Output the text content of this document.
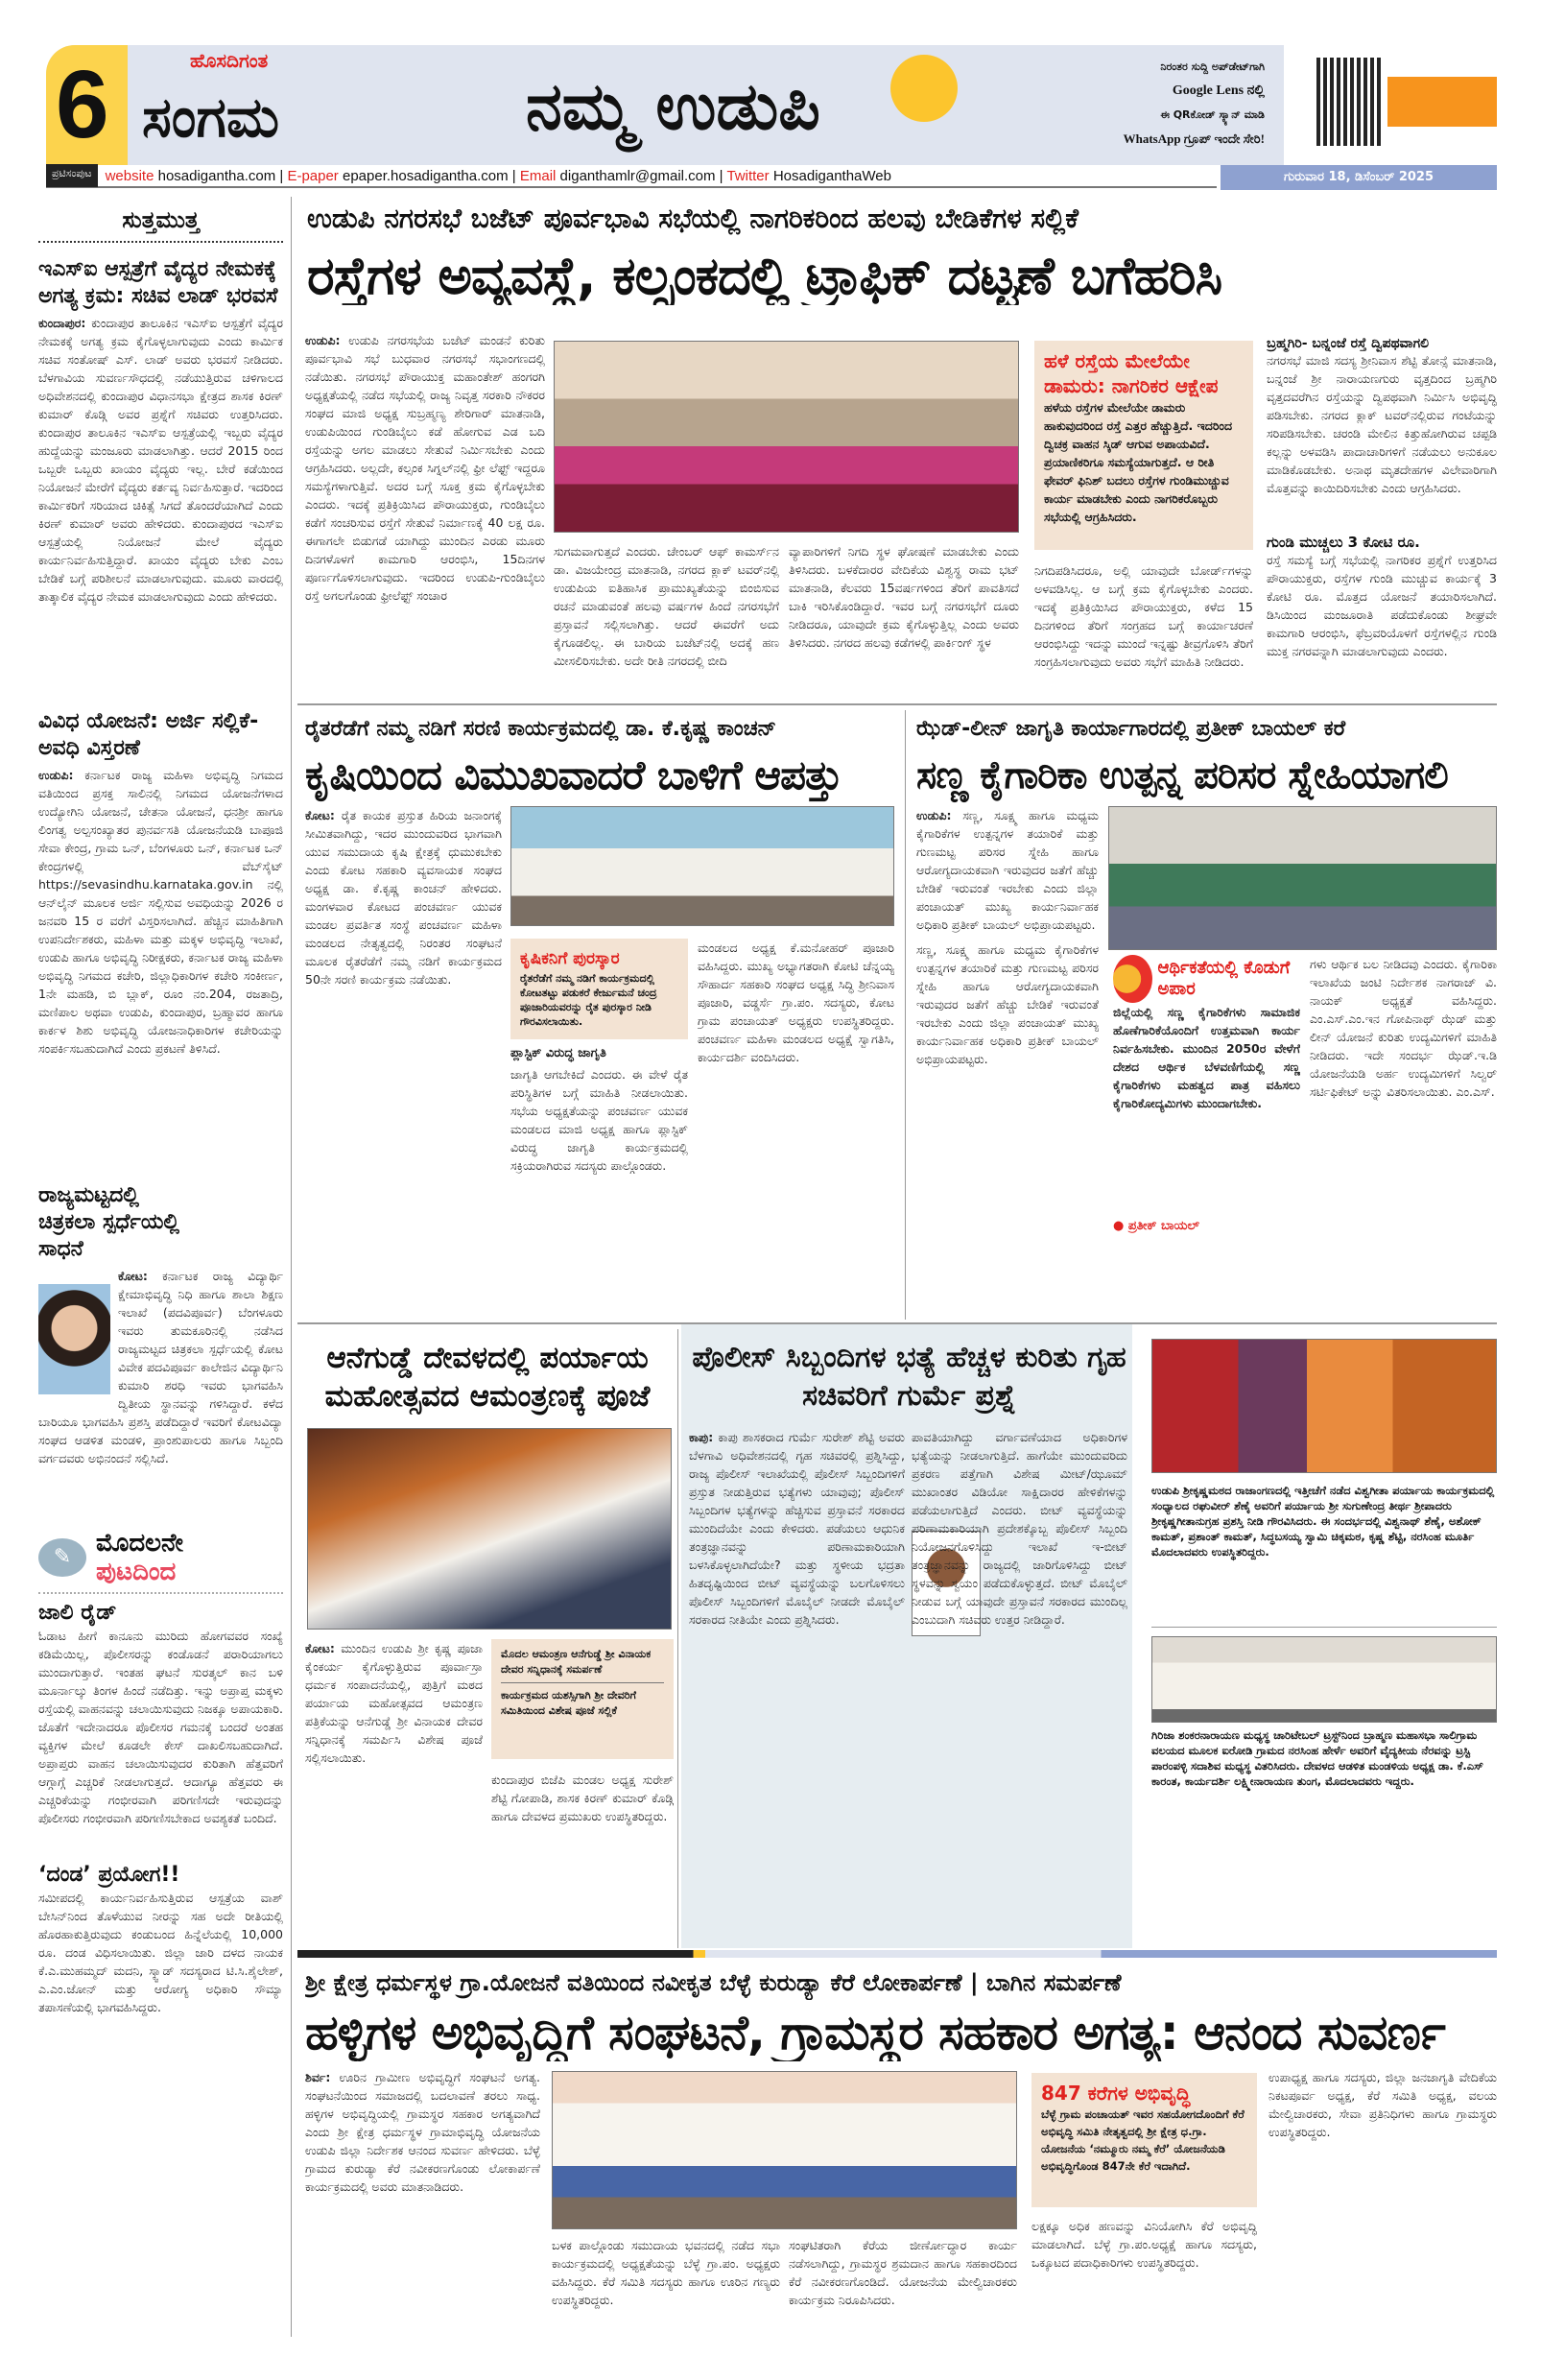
6	ಹೊಸದಿಗಂತ
ಸಂಗಮ	ನಮ್ಮ ಉಡುಪಿ
ನಿರಂತರ ಸುದ್ದಿ ಅಪ್‌ಡೇಟ್‌ಗಾಗಿ
Google Lens ನಲ್ಲಿ
ಈ QRಕೋಡ್ ಸ್ಕ್ಯಾನ್ ಮಾಡಿ
WhatsApp ಗ್ರೂಪ್ ಇಂದೇ ಸೇರಿ!
ಪ್ರಟಿಸಂಪುಟ website hosadigantha.com | E-paper epaper.hosadigantha.com | Email diganthamlr@gmail.com | Twitter HosadiganthaWeb	ಗುರುವಾರ 18, ಡಿಸೆಂಬರ್ 2025
ಸುತ್ತಮುತ್ತ
ಇಎಸ್‌ಐ ಆಸ್ಪತ್ರೆಗೆ ವೈದ್ಯರ ನೇಮಕಕ್ಕೆ ಅಗತ್ಯ ಕ್ರಮ: ಸಚಿವ ಲಾಡ್ ಭರವಸೆ
ಕುಂದಾಪುರ: ಕುಂದಾಪುರ ತಾಲೂಕಿನ ಇಎಸ್‌ಐ ಆಸ್ಪತ್ರೆಗೆ ವೈದ್ಯರ ನೇಮಕಕ್ಕೆ ಅಗತ್ಯ ಕ್ರಮ ಕೈಗೊಳ್ಳಲಾಗುವುದು ಎಂದು ಕಾರ್ಮಿಕ ಸಚಿವ ಸಂತೋಷ್ ಎಸ್. ಲಾಡ್ ಅವರು ಭರವಸೆ ನೀಡಿದರು. ಬೆಳಗಾವಿಯ ಸುವರ್ಣಸೌಧದಲ್ಲಿ ನಡೆಯುತ್ತಿರುವ ಚಳಿಗಾಲದ ಅಧಿವೇಶನದಲ್ಲಿ ಕುಂದಾಪುರ ವಿಧಾನಸಭಾ ಕ್ಷೇತ್ರದ ಶಾಸಕ ಕಿರಣ್ ಕುಮಾರ್ ಕೊಡ್ಗಿ ಅವರ ಪ್ರಶ್ನೆಗೆ ಸಚಿವರು ಉತ್ತರಿಸಿದರು. ಕುಂದಾಪುರ ತಾಲೂಕಿನ ಇಎಸ್‌ಐ ಆಸ್ಪತ್ರೆಯಲ್ಲಿ ಇಬ್ಬರು ವೈದ್ಯರ ಹುದ್ದೆಯನ್ನು ಮಂಜೂರು ಮಾಡಲಾಗಿತ್ತು. ಆದರೆ 2015 ರಿಂದ ಒಬ್ಬರೇ ಒಬ್ಬರು ಖಾಯಂ ವೈದ್ಯರು ಇಲ್ಲ. ಬೇರೆ ಕಡೆಯಿಂದ ನಿಯೋಜನೆ ಮೇರೆಗೆ ವೈದ್ಯರು ಕರ್ತವ್ಯ ನಿರ್ವಹಿಸುತ್ತಾರೆ. ಇದರಿಂದ ಕಾರ್ಮಿಕರಿಗೆ ಸರಿಯಾದ ಚಿಕಿತ್ಸೆ ಸಿಗದೆ ತೊಂದರೆಯಾಗಿದೆ ಎಂದು ಕಿರಣ್ ಕುಮಾರ್ ಅವರು ಹೇಳಿದರು. ಕುಂದಾಪುರದ ಇಎಸ್‌ಐ ಆಸ್ಪತ್ರೆಯಲ್ಲಿ ನಿಯೋಜನೆ ಮೇಲೆ ವೈದ್ಯರು ಕಾರ್ಯನಿರ್ವಹಿಸುತ್ತಿದ್ದಾರೆ. ಖಾಯಂ ವೈದ್ಯರು ಬೇಕು ಎಂಬ ಬೇಡಿಕೆ ಬಗ್ಗೆ ಪರಿಶೀಲನೆ ಮಾಡಲಾಗುವುದು. ಮೂರು ವಾರದಲ್ಲಿ ತಾತ್ಕಾಲಿಕ ವೈದ್ಯರ ನೇಮಕ ಮಾಡಲಾಗುವುದು ಎಂದು ಹೇಳಿದರು.
ವಿವಿಧ ಯೋಜನೆ: ಅರ್ಜಿ ಸಲ್ಲಿಕೆ-ಅವಧಿ ವಿಸ್ತರಣೆ
ಉಡುಪಿ: ಕರ್ನಾಟಕ ರಾಜ್ಯ ಮಹಿಳಾ ಅಭಿವೃದ್ಧಿ ನಿಗಮದ ವತಿಯಿಂದ ಪ್ರಸಕ್ತ ಸಾಲಿನಲ್ಲಿ ನಿಗಮದ ಯೋಜನೆಗಳಾದ ಉದ್ಯೋಗಿನಿ ಯೋಜನೆ, ಚೇತನಾ ಯೋಜನೆ, ಧನಶ್ರೀ ಹಾಗೂ ಲಿಂಗತ್ವ ಅಲ್ಪಸಂಖ್ಯಾತರ ಪುನರ್ವಸತಿ ಯೋಜನೆಯಡಿ ಬಾಪೂಜಿ ಸೇವಾ ಕೇಂದ್ರ, ಗ್ರಾಮ ಒನ್, ಬೆಂಗಳೂರು ಒನ್, ಕರ್ನಾಟಕ ಒನ್ ಕೇಂದ್ರಗಳಲ್ಲಿ ವೆಬ್‌ಸೈಟ್ https://sevasindhu.karnataka.gov.in ನಲ್ಲಿ ಆನ್‌ಲೈನ್ ಮೂಲಕ ಅರ್ಜಿ ಸಲ್ಲಿಸುವ ಅವಧಿಯನ್ನು 2026 ರ ಜನವರಿ 15 ರ ವರೆಗೆ ವಿಸ್ತರಿಸಲಾಗಿದೆ. ಹೆಚ್ಚಿನ ಮಾಹಿತಿಗಾಗಿ ಉಪನಿರ್ದೇಶಕರು, ಮಹಿಳಾ ಮತ್ತು ಮಕ್ಕಳ ಅಭಿವೃದ್ಧಿ ಇಲಾಖೆ, ಉಡುಪಿ ಹಾಗೂ ಅಭಿವೃದ್ಧಿ ನಿರೀಕ್ಷಕರು, ಕರ್ನಾಟಕ ರಾಜ್ಯ ಮಹಿಳಾ ಅಭಿವೃದ್ಧಿ ನಿಗಮದ ಕಚೇರಿ, ಜಿಲ್ಲಾಧಿಕಾರಿಗಳ ಕಚೇರಿ ಸಂಕೀರ್ಣ, 1ನೇ ಮಹಡಿ, ಬಿ ಬ್ಲಾಕ್, ರೂಂ ನಂ.204, ರಜತಾದ್ರಿ, ಮಣಿಪಾಲ ಅಥವಾ ಉಡುಪಿ, ಕುಂದಾಪುರ, ಬ್ರಹ್ಮಾವರ ಹಾಗೂ ಕಾರ್ಕಳ ಶಿಶು ಅಭಿವೃದ್ಧಿ ಯೋಜನಾಧಿಕಾರಿಗಳ ಕಚೇರಿಯನ್ನು ಸಂಪರ್ಕಿಸಬಹುದಾಗಿದೆ ಎಂದು ಪ್ರಕಟಣೆ ತಿಳಿಸಿದೆ.
ರಾಜ್ಯಮಟ್ಟದಲ್ಲಿ ಚಿತ್ರಕಲಾ ಸ್ಪರ್ಧೆಯಲ್ಲಿ ಸಾಧನೆ
ಕೋಟ: ಕರ್ನಾಟಕ ರಾಜ್ಯ ವಿದ್ಯಾರ್ಥಿ ಕ್ಷೇಮಾಭಿವೃದ್ಧಿ ನಿಧಿ ಹಾಗೂ ಶಾಲಾ ಶಿಕ್ಷಣ ಇಲಾಖೆ (ಪದವಿಪೂರ್ವ) ಬೆಂಗಳೂರು ಇವರು ತುಮಕೂರಿನಲ್ಲಿ ನಡೆಸಿದ ರಾಜ್ಯಮಟ್ಟದ ಚಿತ್ರಕಲಾ ಸ್ಪರ್ಧೆಯಲ್ಲಿ ಕೋಟ ವಿವೇಕ ಪದವಿಪೂರ್ವ ಕಾಲೇಜಿನ ವಿದ್ಯಾರ್ಥಿನಿ ಕುಮಾರಿ ಶರಧಿ ಇವರು ಭಾಗವಹಿಸಿ ದ್ವಿತೀಯ ಸ್ಥಾನವನ್ನು ಗಳಿಸಿದ್ದಾರೆ. ಕಳೆದ ಬಾರಿಯೂ ಭಾಗವಹಿಸಿ ಪ್ರಶಸ್ತಿ ಪಡೆದಿದ್ದಾರೆ ಇವರಿಗೆ ಕೋಟವಿದ್ಯಾ ಸಂಘದ ಆಡಳಿತ ಮಂಡಳಿ, ಪ್ರಾಂಶುಪಾಲರು ಹಾಗೂ ಸಿಬ್ಬಂದಿ ವರ್ಗದವರು ಅಭಿನಂದನೆ ಸಲ್ಲಿಸಿದೆ.
✎ ಮೊದಲನೇ
ಪುಟದಿಂದ
ಜಾಲಿ ರೈಡ್
ಓಡಾಟ ಹೀಗೆ ಕಾನೂನು ಮುರಿದು ಹೋಗವವರ ಸಂಖ್ಯೆ ಕಡಿಮೆಯಿಲ್ಲ, ಪೊಲೀಸರನ್ನು ಕಂಡೊಡನೆ ಪರಾರಿಯಾಗಲು ಮುಂದಾಗುತ್ತಾರೆ. ಇಂತಹ ಘಟನೆ ಸುರತ್ಕಲ್ ಕಾನ ಬಳಿ ಮೂರ್ನಾಲ್ಕು ತಿಂಗಳ ಹಿಂದೆ ನಡೆದಿತ್ತು. ಇನ್ನು ಅಪ್ರಾಪ್ತ ಮಕ್ಕಳು ರಸ್ತೆಯಲ್ಲಿ ವಾಹನವನ್ನು ಚಲಾಯಿಸುವುದು ನಿಜಕ್ಕೂ ಅಪಾಯಕಾರಿ. ಜೊತೆಗೆ ಇದೇನಾದರೂ ಪೊಲೀಸರ ಗಮನಕ್ಕೆ ಬಂದರೆ ಅಂತಹ ವ್ಯಕ್ತಿಗಳ ಮೇಲೆ ಕೂಡಲೇ ಕೇಸ್ ದಾಖಲಿಸಬಹುದಾಗಿದೆ. ಅಪ್ರಾಪ್ತರು ವಾಹನ ಚಲಾಯಿಸುವುದರ ಕುರಿತಾಗಿ ಹೆತ್ತವರಿಗೆ ಆಗ್ಗಾಗ್ಗೆ ಎಚ್ಚರಿಕೆ ನೀಡಲಾಗುತ್ತದೆ. ಆದಾಗ್ಯೂ ಹೆತ್ತವರು ಈ ಎಚ್ಚರಿಕೆಯನ್ನು ಗಂಭೀರವಾಗಿ ಪರಿಗಣಿಸದೇ ಇರುವುದನ್ನು ಪೊಲೀಸರು ಗಂಭೀರವಾಗಿ ಪರಿಗಣಿಸಬೇಕಾದ ಅವಶ್ಯಕತೆ ಬಂದಿದೆ.
‘ದಂಡ’ ಪ್ರಯೋಗ!!
ಸಮೀಪದಲ್ಲಿ ಕಾರ್ಯನಿರ್ವಹಿಸುತ್ತಿರುವ ಆಸ್ಪತ್ರೆಯ ವಾಶ್ ಬೇಸಿನ್‌ನಿಂದ ತೊಳೆಯುವ ನೀರನ್ನು ಸಹ ಅದೇ ರೀತಿಯಲ್ಲಿ ಹೊರಹಾಕುತ್ತಿರುವುದು ಕಂಡುಬಂದ ಹಿನ್ನೆಲೆಯಲ್ಲಿ 10,000 ರೂ. ದಂಡ ವಿಧಿಸಲಾಯಿತು. ಜಿಲ್ಲಾ ಜಾರಿ ದಳದ ನಾಯಕ ಕೆ.ಎ.ಮುಹಮ್ಮದ್ ಮದನಿ, ಸ್ಕ್ವಾಡ್ ಸದಸ್ಯರಾದ ಟಿ.ಸಿ.ಶೈಲೇಶ್, ಎ.ಎಂ.ಜೋನ್ ಮತ್ತು ಆರೋಗ್ಯ ಅಧಿಕಾರಿ ಸೌಮ್ಯಾ ತಪಾಸಣೆಯಲ್ಲಿ ಭಾಗವಹಿಸಿದ್ದರು.
ಉಡುಪಿ ನಗರಸಭೆ ಬಜೆಟ್ ಪೂರ್ವಭಾವಿ ಸಭೆಯಲ್ಲಿ ನಾಗರಿಕರಿಂದ ಹಲವು ಬೇಡಿಕೆಗಳ ಸಲ್ಲಿಕೆ
ರಸ್ತೆಗಳ ಅವ್ಯವಸ್ಥೆ, ಕಲ್ಸಂಕದಲ್ಲಿ ಟ್ರಾಫಿಕ್ ದಟ್ಟಣೆ ಬಗೆಹರಿಸಿ
ಉಡುಪಿ: ಉಡುಪಿ ನಗರಸಭೆಯ ಬಜೆಟ್ ಮಂಡನೆ ಕುರಿತು ಪೂರ್ವಭಾವಿ ಸಭೆ ಬುಧವಾರ ನಗರಸಭೆ ಸಭಾಂಗಣದಲ್ಲಿ ನಡೆಯಿತು. ನಗರಸಭೆ ಪೌರಾಯುಕ್ತ ಮಹಾಂತೇಶ್ ಹಂಗರಗಿ ಅಧ್ಯಕ್ಷತೆಯಲ್ಲಿ ನಡೆದ ಸಭೆಯಲ್ಲಿ ರಾಜ್ಯ ನಿವೃತ್ತ ಸರಕಾರಿ ನೌಕರರ ಸಂಘದ ಮಾಜಿ ಅಧ್ಯಕ್ಷ ಸುಬ್ರಹ್ಮಣ್ಯ ಶೇರಿಗಾರ್ ಮಾತನಾಡಿ, ಉಡುಪಿಯಿಂದ ಗುಂಡಿಬೈಲು ಕಡೆ ಹೋಗುವ ಎಡ ಬದಿ ರಸ್ತೆಯನ್ನು ಅಗಲ ಮಾಡಲು ಸೇತುವೆ ನಿರ್ಮಿಸಬೇಕು ಎಂದು ಆಗ್ರಹಿಸಿದರು. ಅಲ್ಲದೇ, ಕಲ್ಸಂಕ ಸಿಗ್ನಲ್‌ನಲ್ಲಿ ಫ್ರೀ ಲೆಫ್ಟ್ ಇದ್ದರೂ ಸಮಸ್ಯೆಗಳಾಗುತ್ತಿವೆ. ಅದರ ಬಗ್ಗೆ ಸೂಕ್ತ ಕ್ರಮ ಕೈಗೊಳ್ಳಬೇಕು ಎಂದರು. ಇದಕ್ಕೆ ಪ್ರತಿಕ್ರಿಯಿಸಿದ ಪೌರಾಯುಕ್ತರು, ಗುಂಡಿಬೈಲು ಕಡೆಗೆ ಸಂಚರಿಸುವ ರಸ್ತೆಗೆ ಸೇತುವೆ ನಿರ್ಮಾಣಕ್ಕೆ 40 ಲಕ್ಷ ರೂ. ಈಗಾಗಲೇ ಬಿಡುಗಡೆ ಯಾಗಿದ್ದು ಮುಂದಿನ ಎರಡು ಮೂರು ದಿನಗಳೊಳಗೆ ಕಾಮಗಾರಿ ಆರಂಭಿಸಿ, 15ದಿನಗಳ ಪೂರ್ಣಗೊಳಿಸಲಾಗುವುದು. ಇದರಿಂದ ಉಡುಪಿ-ಗುಂಡಿಬೈಲು ರಸ್ತೆ ಅಗಲಗೊಂಡು ಫ್ರೀಲೆಫ್ಟ್ ಸಂಚಾರ
ಸುಗಮವಾಗುತ್ತದೆ ಎಂದರು. ಚೇಂಬರ್ ಆಫ್ ಕಾಮರ್ಸ್‌ನ ಡಾ. ವಿಜಯೇಂದ್ರ ಮಾತನಾಡಿ, ನಗರದ ಕ್ಲಾಕ್ ಟವರ್‌ನಲ್ಲಿ ಉಡುಪಿಯ ಐತಿಹಾಸಿಕ ಪ್ರಾಮುಖ್ಯತೆಯನ್ನು ಬಿಂಬಿಸುವ ರಚನೆ ಮಾಡುವಂತೆ ಹಲವು ವರ್ಷಗಳ ಹಿಂದೆ ನಗರಸಭೆಗೆ ಪ್ರಸ್ತಾವನೆ ಸಲ್ಲಿಸಲಾಗಿತ್ತು. ಆದರೆ ಈವರೆಗೆ ಅದು ಕೈಗೂಡಲಿಲ್ಲ. ಈ ಬಾರಿಯ ಬಜೆಟ್‌ನಲ್ಲಿ ಅದಕ್ಕೆ ಹಣ ಮೀಸಲಿರಿಸಬೇಕು. ಅದೇ ರೀತಿ ನಗರದಲ್ಲಿ ಬೀದಿ
ವ್ಯಾಪಾರಿಗಳಿಗೆ ನಿಗದಿ ಸ್ಥಳ ಘೋಷಣೆ ಮಾಡಬೇಕು ಎಂದು ತಿಳಿಸಿದರು. ಬಳಕೆದಾರರ ವೇದಿಕೆಯ ವಿಶ್ವಸ್ಥ ರಾಮ ಭಟ್ ಮಾತನಾಡಿ, ಕೆಲವರು 15ವರ್ಷಗಳಿಂದ ತೆರಿಗೆ ಪಾವತಿಸದೆ ಬಾಕಿ ಇರಿಸಿಕೊಂಡಿದ್ದಾರೆ. ಇವರ ಬಗ್ಗೆ ನಗರಸಭೆಗೆ ದೂರು ನೀಡಿದರೂ, ಯಾವುದೇ ಕ್ರಮ ಕೈಗೊಳ್ಳುತ್ತಿಲ್ಲ ಎಂದು ಅವರು ತಿಳಿಸಿದರು. ನಗರದ ಹಲವು ಕಡೆಗಳಲ್ಲಿ ಪಾರ್ಕಿಂಗ್ ಸ್ಥಳ
ಹಳೆ ರಸ್ತೆಯ ಮೇಲೆಯೇ ಡಾಮರು: ನಾಗರಿಕರ ಆಕ್ಷೇಪ
ಹಳೆಯ ರಸ್ತೆಗಳ ಮೇಲೆಯೇ ಡಾಮರು ಹಾಕುವುದರಿಂದ ರಸ್ತೆ ಎತ್ತರ ಹೆಚ್ಚುತ್ತಿದೆ. ಇದರಿಂದ ದ್ವಿಚಕ್ರ ವಾಹನ ಸ್ಕಿಡ್ ಆಗುವ ಅಪಾಯವಿದೆ. ಪ್ರಯಾಣಿಕರಿಗೂ ಸಮಸ್ಯೆಯಾಗುತ್ತದೆ. ಆ ರೀತಿ ಫೇವರ್ ಫಿನಿಶ್ ಬದಲು ರಸ್ತೆಗಳ ಗುಂಡಿಮುಚ್ಚುವ ಕಾರ್ಯ ಮಾಡಬೇಕು ಎಂದು ನಾಗರಿಕರೊಬ್ಬರು ಸಭೆಯಲ್ಲಿ ಆಗ್ರಹಿಸಿದರು.
ನಿಗದಿಪಡಿಸಿದರೂ, ಅಲ್ಲಿ ಯಾವುದೇ ಬೋರ್ಡ್‌ಗಳನ್ನು ಅಳವಡಿಸಿಲ್ಲ. ಆ ಬಗ್ಗೆ ಕ್ರಮ ಕೈಗೊಳ್ಳಬೇಕು ಎಂದರು. ಇದಕ್ಕೆ ಪ್ರತಿಕ್ರಿಯಿಸಿದ ಪೌರಾಯುಕ್ತರು, ಕಳೆದ 15 ದಿನಗಳಿಂದ ತೆರಿಗೆ ಸಂಗ್ರಹದ ಬಗ್ಗೆ ಕಾರ್ಯಾಚರಣೆ ಆರಂಭಿಸಿದ್ದು ಇದನ್ನು ಮುಂದೆ ಇನ್ನಷ್ಟು ತೀವ್ರಗೊಳಿಸಿ ತೆರಿಗೆ ಸಂಗ್ರಹಿಸಲಾಗುವುದು ಅವರು ಸಭೆಗೆ ಮಾಹಿತಿ ನೀಡಿದರು.
ಬ್ರಹ್ಮಗಿರಿ- ಬನ್ನಂಜೆ ರಸ್ತೆ ದ್ವಿಪಥವಾಗಲಿ
ನಗರಸಭೆ ಮಾಜಿ ಸದಸ್ಯ ಶ್ರೀನಿವಾಸ ಶೆಟ್ಟಿ ತೋನ್ಸೆ ಮಾತನಾಡಿ, ಬನ್ನಂಜೆ ಶ್ರೀ ನಾರಾಯಣಗುರು ವೃತ್ತದಿಂದ ಬ್ರಹ್ಮಗಿರಿ ವೃತ್ತದವರೆಗಿನ ರಸ್ತೆಯನ್ನು ದ್ವಿಪಥವಾಗಿ ನಿರ್ಮಿಸಿ ಅಭಿವೃದ್ಧಿ ಪಡಿಸಬೇಕು. ನಗರದ ಕ್ಲಾಕ್ ಟವರ್‌ನಲ್ಲಿರುವ ಗಂಟೆಯನ್ನು ಸರಿಪಡಿಸಬೇಕು. ಚರಂಡಿ ಮೇಲಿನ ಕಿತ್ತುಹೋಗಿರುವ ಚಪ್ಪಡಿ ಕಲ್ಲನ್ನು ಅಳವಡಿಸಿ ಪಾದಾಚಾರಿಗಳಿಗೆ ನಡೆಯಲು ಅನುಕೂಲ ಮಾಡಿಕೊಡಬೇಕು. ಅನಾಥ ಮೃತದೇಹಗಳ ವಿಲೇವಾರಿಗಾಗಿ ಮೊತ್ತವನ್ನು ಕಾಯಿದಿರಿಸಬೇಕು ಎಂದು ಆಗ್ರಹಿಸಿದರು.
ಗುಂಡಿ ಮುಚ್ಚಲು 3 ಕೋಟಿ ರೂ.
ರಸ್ತೆ ಸಮಸ್ಯೆ ಬಗ್ಗೆ ಸಭೆಯಲ್ಲಿ ನಾಗರಿಕರ ಪ್ರಶ್ನೆಗೆ ಉತ್ತರಿಸಿದ ಪೌರಾಯುಕ್ತರು, ರಸ್ತೆಗಳ ಗುಂಡಿ ಮುಚ್ಚುವ ಕಾರ್ಯಕ್ಕೆ 3 ಕೋಟಿ ರೂ. ಮೊತ್ತದ ಯೋಜನೆ ತಯಾರಿಸಲಾಗಿದೆ. ಡಿಸಿಯಿಂದ ಮಂಜೂರಾತಿ ಪಡೆದುಕೊಂಡು ಶೀಘ್ರವೇ ಕಾಮಗಾರಿ ಆರಂಭಿಸಿ, ಫೆಬ್ರವರಿಯೊಳಗೆ ರಸ್ತೆಗಳಲ್ಲಿನ ಗುಂಡಿ ಮುಕ್ತ ನಗರವನ್ನಾಗಿ ಮಾಡಲಾಗುವುದು ಎಂದರು.
ರೈತರೆಡೆಗೆ ನಮ್ಮ ನಡಿಗೆ ಸರಣಿ ಕಾರ್ಯಕ್ರಮದಲ್ಲಿ ಡಾ. ಕೆ.ಕೃಷ್ಣ ಕಾಂಚನ್
ಕೃಷಿಯಿಂದ ವಿಮುಖವಾದರೆ ಬಾಳಿಗೆ ಆಪತ್ತು
ಕೋಟ: ರೈತ ಕಾಯಕ ಪ್ರಸ್ತುತ ಹಿರಿಯ ಜನಾಂಗಕ್ಕೆ ಸೀಮಿತವಾಗಿದ್ದು, ಇದರ ಮುಂದುವರಿದ ಭಾಗವಾಗಿ ಯುವ ಸಮುದಾಯ ಕೃಷಿ ಕ್ಷೇತ್ರಕ್ಕೆ ಧುಮುಕಬೇಕು ಎಂದು ಕೋಟ ಸಹಕಾರಿ ವ್ಯವಸಾಯಕ ಸಂಘದ ಅಧ್ಯಕ್ಷ ಡಾ. ಕೆ.ಕೃಷ್ಣ ಕಾಂಚನ್ ಹೇಳಿದರು. ಮಂಗಳವಾರ ಕೋಟದ ಪಂಚವರ್ಣ ಯುವಕ ಮಂಡಲ ಪ್ರವರ್ತಿತ ಸಂಸ್ಥೆ ಪಂಚವರ್ಣ ಮಹಿಳಾ ಮಂಡಲದ ನೇತೃತ್ವದಲ್ಲಿ ನಿರಂತರ ಸಂಘಟನೆ ಮೂಲಕ ರೈತರೆಡೆಗೆ ನಮ್ಮ ನಡಿಗೆ ಕಾರ್ಯಕ್ರಮದ 50ನೇ ಸರಣಿ ಕಾರ್ಯಕ್ರಮ ನಡೆಯಿತು.
ಕೃಷಿಕನಿಗೆ ಪುರಸ್ಕಾರ
ರೈತರೆಡೆಗೆ ನಮ್ಮ ನಡಿಗೆ ಕಾರ್ಯಕ್ರಮದಲ್ಲಿ ಕೋಟತಟ್ಟು ಪಡುಕರೆ ಕೇರ್ಜುಮನೆ ಚಂದ್ರ ಪೂಜಾರಿಯವರನ್ನು ರೈತ ಪುರಸ್ಕಾರ ನೀಡಿ ಗೌರವಿಸಲಾಯಿತು.
ಪ್ಲಾಸ್ಟಿಕ್ ವಿರುದ್ಧ ಜಾಗೃತಿ
ಜಾಗೃತಿ ಆಗಬೇಕಿದೆ ಎಂದರು. ಈ ವೇಳೆ ರೈತ ಪರಿಸ್ಥಿತಿಗಳ ಬಗ್ಗೆ ಮಾಹಿತಿ ನೀಡಲಾಯಿತು. ಸಭೆಯ ಅಧ್ಯಕ್ಷತೆಯನ್ನು ಪಂಚವರ್ಣ ಯುವಕ ಮಂಡಲದ ಮಾಜಿ ಅಧ್ಯಕ್ಷ ಹಾಗೂ ಪ್ಲಾಸ್ಟಿಕ್ ವಿರುದ್ಧ ಜಾಗೃತಿ ಕಾರ್ಯಕ್ರಮದಲ್ಲಿ ಸಕ್ರಿಯರಾಗಿರುವ ಸದಸ್ಯರು ಪಾಲ್ಗೊಂಡರು.
ಮಂಡಲದ ಅಧ್ಯಕ್ಷ ಕೆ.ಮನೋಹರ್ ಪೂಜಾರಿ ವಹಿಸಿದ್ದರು. ಮುಖ್ಯ ಅಭ್ಯಾಗತರಾಗಿ ಕೋಟಿ ಚೆನ್ನಯ್ಯ ಸೌಹಾರ್ದ ಸಹಕಾರಿ ಸಂಘದ ಅಧ್ಯಕ್ಷ ಸಿದ್ಧಿ ಶ್ರೀನಿವಾಸ ಪೂಜಾರಿ, ವಡ್ಡರ್ಸೆ ಗ್ರಾ.ಪಂ. ಸದಸ್ಯರು, ಕೋಟ ಗ್ರಾಮ ಪಂಚಾಯತ್ ಅಧ್ಯಕ್ಷರು ಉಪಸ್ಥಿತರಿದ್ದರು. ಪಂಚವರ್ಣ ಮಹಿಳಾ ಮಂಡಲದ ಅಧ್ಯಕ್ಷೆ ಸ್ವಾಗತಿಸಿ, ಕಾರ್ಯದರ್ಶಿ ವಂದಿಸಿದರು.
ಝೆಡ್-ಲೀನ್ ಜಾಗೃತಿ ಕಾರ್ಯಾಗಾರದಲ್ಲಿ ಪ್ರತೀಕ್ ಬಾಯಲ್ ಕರೆ
ಸಣ್ಣ ಕೈಗಾರಿಕಾ ಉತ್ಪನ್ನ ಪರಿಸರ ಸ್ನೇಹಿಯಾಗಲಿ
ಉಡುಪಿ: ಸಣ್ಣ, ಸೂಕ್ಷ್ಮ ಹಾಗೂ ಮಧ್ಯಮ ಕೈಗಾರಿಕೆಗಳ ಉತ್ಪನ್ನಗಳ ತಯಾರಿಕೆ ಮತ್ತು ಗುಣಮಟ್ಟ ಪರಿಸರ ಸ್ನೇಹಿ ಹಾಗೂ ಆರೋಗ್ಯದಾಯಕವಾಗಿ ಇರುವುದರ ಜತೆಗೆ ಹೆಚ್ಚು ಬೇಡಿಕೆ ಇರುವಂತೆ ಇರಬೇಕು ಎಂದು ಜಿಲ್ಲಾ ಪಂಚಾಯತ್ ಮುಖ್ಯ ಕಾರ್ಯನಿರ್ವಾಹಕ ಅಧಿಕಾರಿ ಪ್ರತೀಕ್ ಬಾಯಲ್ ಅಭಿಪ್ರಾಯಪಟ್ಟರು.
ಆರ್ಥಿಕತೆಯಲ್ಲಿ ಕೊಡುಗೆ ಅಪಾರ
ಜಿಲ್ಲೆಯಲ್ಲಿ ಸಣ್ಣ ಕೈಗಾರಿಕೆಗಳು ಸಾಮಾಜಿಕ ಹೊಣೆಗಾರಿಕೆಯೊಂದಿಗೆ ಉತ್ತಮವಾಗಿ ಕಾರ್ಯ ನಿರ್ವಹಿಸಬೇಕು. ಮುಂದಿನ 2050ರ ವೇಳೆಗೆ ದೇಶದ ಆರ್ಥಿಕ ಬೆಳವಣಿಗೆಯಲ್ಲಿ ಸಣ್ಣ ಕೈಗಾರಿಕೆಗಳು ಮಹತ್ವದ ಪಾತ್ರ ವಹಿಸಲು ಕೈಗಾರಿಕೋದ್ಯಮಿಗಳು ಮುಂದಾಗಬೇಕು.
● ಪ್ರತೀಕ್ ಬಾಯಲ್
ಗಳು ಆರ್ಥಿಕ ಬಲ ನೀಡಿದವು ಎಂದರು. ಕೈಗಾರಿಕಾ ಇಲಾಖೆಯ ಜಂಟಿ ನಿರ್ದೇಶಕ ನಾಗರಾಜ್ ವಿ. ನಾಯಕ್ ಅಧ್ಯಕ್ಷತೆ ವಹಿಸಿದ್ದರು. ಎಂ.ಎಸ್.ಎಂ.ಇನ ಗೋಪಿನಾಥ್ ಝೆಡ್ ಮತ್ತು ಲೀನ್ ಯೋಜನೆ ಕುರಿತು ಉದ್ಯಮಿಗಳಿಗೆ ಮಾಹಿತಿ ನೀಡಿದರು. ಇದೇ ಸಂದರ್ಭ ಝೆಡ್.ಇ.ಡಿ ಯೋಜನೆಯಡಿ ಅರ್ಹ ಉದ್ಯಮಿಗಳಿಗೆ ಸಿಲ್ವರ್ ಸರ್ಟಿಫಿಕೇಟ್ ಅನ್ನು ವಿತರಿಸಲಾಯಿತು. ಎಂ.ಎಸ್.
ಸಣ್ಣ, ಸೂಕ್ಷ್ಮ ಹಾಗೂ ಮಧ್ಯಮ ಕೈಗಾರಿಕೆಗಳ ಉತ್ಪನ್ನಗಳ ತಯಾರಿಕೆ ಮತ್ತು ಗುಣಮಟ್ಟ ಪರಿಸರ ಸ್ನೇಹಿ ಹಾಗೂ ಆರೋಗ್ಯದಾಯಕವಾಗಿ ಇರುವುದರ ಜತೆಗೆ ಹೆಚ್ಚು ಬೇಡಿಕೆ ಇರುವಂತೆ ಇರಬೇಕು ಎಂದು ಜಿಲ್ಲಾ ಪಂಚಾಯತ್ ಮುಖ್ಯ ಕಾರ್ಯನಿರ್ವಾಹಕ ಅಧಿಕಾರಿ ಪ್ರತೀಕ್ ಬಾಯಲ್ ಅಭಿಪ್ರಾಯಪಟ್ಟರು.
ಆನೆಗುಡ್ಡೆ ದೇವಳದಲ್ಲಿ ಪರ್ಯಾಯ ಮಹೋತ್ಸವದ ಆಮಂತ್ರಣಕ್ಕೆ ಪೂಜೆ
ಕೋಟ: ಮುಂದಿನ ಉಡುಪಿ ಶ್ರೀ ಕೃಷ್ಣ ಪೂಜಾ ಕೈಂಕರ್ಯ ಕೈಗೊಳ್ಳುತ್ತಿರುವ ಪೂರ್ವಾಸ್ರಾ ಧರ್ಮಕ ಸಂಪಾದನೆಯಲ್ಲಿ, ಪುತ್ತಿಗೆ ಮಠದ ಪರ್ಯಾಯ ಮಹೋತ್ಸವದ ಆಮಂತ್ರಣ ಪತ್ರಿಕೆಯನ್ನು ಆನೆಗುಡ್ಡೆ ಶ್ರೀ ವಿನಾಯಕ ದೇವರ ಸನ್ನಿಧಾನಕ್ಕೆ ಸಮರ್ಪಿಸಿ ವಿಶೇಷ ಪೂಜೆ ಸಲ್ಲಿಸಲಾಯಿತು.
ಮೊದಲ ಆಮಂತ್ರಣ ಆನೆಗುಡ್ಡೆ ಶ್ರೀ ವಿನಾಯಕ ದೇವರ ಸನ್ನಿಧಾನಕ್ಕೆ ಸಮರ್ಪಣೆ
ಕಾರ್ಯಕ್ರಮದ ಯಶಸ್ಸಿಗಾಗಿ ಶ್ರೀ ದೇವರಿಗೆ ಸಮಿತಿಯಿಂದ ವಿಶೇಷ ಪೂಜೆ ಸಲ್ಲಿಕೆ
ಕುಂದಾಪುರ ಬಿಜೆಪಿ ಮಂಡಲ ಅಧ್ಯಕ್ಷ ಸುರೇಶ್ ಶೆಟ್ಟಿ ಗೋಪಾಡಿ, ಶಾಸಕ ಕಿರಣ್ ಕುಮಾರ್ ಕೊಡ್ಗಿ ಹಾಗೂ ದೇವಳದ ಪ್ರಮುಖರು ಉಪಸ್ಥಿತರಿದ್ದರು.
ಪೊಲೀಸ್ ಸಿಬ್ಬಂದಿಗಳ ಭತ್ಯೆ ಹೆಚ್ಚಳ ಕುರಿತು ಗೃಹ ಸಚಿವರಿಗೆ ಗುರ್ಮೆ ಪ್ರಶ್ನೆ
ಕಾಪು: ಕಾಪು ಶಾಸಕರಾದ ಗುರ್ಮೆ ಸುರೇಶ್ ಶೆಟ್ಟಿ ಅವರು ಬೆಳಗಾವಿ ಅಧಿವೇಶನದಲ್ಲಿ ಗೃಹ ಸಚಿವರಲ್ಲಿ ಪ್ರಶ್ನಿಸಿದ್ದು, ರಾಜ್ಯ ಪೊಲೀಸ್ ಇಲಾಖೆಯಲ್ಲಿ ಪೊಲೀಸ್ ಸಿಬ್ಬಂದಿಗಳಿಗೆ ಪ್ರಸ್ತುತ ನೀಡುತ್ತಿರುವ ಭತ್ಯೆಗಳು ಯಾವುವು; ಪೊಲೀಸ್ ಸಿಬ್ಬಂದಿಗಳ ಭತ್ಯೆಗಳನ್ನು ಹೆಚ್ಚಿಸುವ ಪ್ರಸ್ತಾವನೆ ಸರಕಾರದ ಮುಂದಿದೆಯೇ ಎಂದು ಕೇಳಿದರು. ಪಡೆಯಲು ಆಧುನಿಕ ತಂತ್ರಜ್ಞಾನವನ್ನು ಪರಿಣಾಮಕಾರಿಯಾಗಿ ಬಳಸಿಕೊಳ್ಳಲಾಗಿದೆಯೇ? ಮತ್ತು ಸ್ಥಳೀಯ ಭದ್ರತಾ ಹಿತದೃಷ್ಟಿಯಿಂದ ಬೀಟ್ ವ್ಯವಸ್ಥೆಯನ್ನು ಬಲಗೊಳಿಸಲು ಪೊಲೀಸ್ ಸಿಬ್ಬಂದಿಗಳಿಗೆ ಮೊಬೈಲ್ ನೀಡದೇ ಮೊಬೈಲ್ ಸರಕಾರದ ನೀತಿಯೇ ಎಂದು ಪ್ರಶ್ನಿಸಿದರು.
ಪಾವತಿಯಾಗಿದ್ದು ವರ್ಗಾವಣೆಯಾದ ಅಧಿಕಾರಿಗಳ ಭತ್ಯೆಯನ್ನು ನೀಡಲಾಗುತ್ತಿದೆ. ಹಾಗೆಯೇ ಮುಂದುವರಿದು ಪ್ರಕರಣ ಪತ್ತೆಗಾಗಿ ವಿಶೇಷ ಮೀಟ್/ಝೂಮ್ ಮುಖಾಂತರ ವಿಡಿಯೋ ಸಾಕ್ಷಿದಾರರ ಹೇಳಿಕೆಗಳನ್ನು ಪಡೆಯಲಾಗುತ್ತಿದೆ ಎಂದರು. ಬೀಟ್ ವ್ಯವಸ್ಥೆಯನ್ನು ಪರಿಣಾಮಕಾರಿಯಾಗಿ ಪ್ರದೇಶಕ್ಕೊಬ್ಬ ಪೊಲೀಸ್ ಸಿಬ್ಬಂದಿ ನಿಯೋಜನಗೊಳಿಸಿದ್ದು ಇಲಾಖೆ ಇ-ಬೀಟ್ ತಂತ್ರಜ್ಞಾನವನ್ನು ರಾಜ್ಯದಲ್ಲಿ ಜಾರಿಗೊಳಿಸಿದ್ದು ಬೀಟ್ ಸ್ಥಳವನ್ನು ಸ್ವಯಂ ಪಡೆದುಕೊಳ್ಳುತ್ತದೆ. ಬೀಟ್ ಮೊಬೈಲ್ ನೀಡುವ ಬಗ್ಗೆ ಯಾವುದೇ ಪ್ರಸ್ತಾವನೆ ಸರಕಾರದ ಮುಂದಿಲ್ಲ ಎಂಬುದಾಗಿ ಸಚಿವರು ಉತ್ತರ ನೀಡಿದ್ದಾರೆ.
ಉಡುಪಿ ಶ್ರೀಕೃಷ್ಣಮಠದ ರಾಜಾಂಗಣದಲ್ಲಿ ಇತ್ತೀಚೆಗೆ ನಡೆದ ವಿಶ್ವಗೀತಾ ಪರ್ಯಾಯ ಕಾರ್ಯಕ್ರಮದಲ್ಲಿ ಸಂಧ್ಯಾಲದ ರಘುವೀರ್ ಶೆಣೈ ಅವರಿಗೆ ಪರ್ಯಾಯ ಶ್ರೀ ಸುಗುಣೇಂದ್ರ ತೀರ್ಥ ಶ್ರೀಪಾದರು ಶ್ರೀಕೃಷ್ಣಗೀತಾನುಗ್ರಹ ಪ್ರಶಸ್ತಿ ನೀಡಿ ಗೌರವಿಸಿದರು. ಈ ಸಂದರ್ಭದಲ್ಲಿ ವಿಶ್ವನಾಥ್ ಶೆಣೈ, ಅಶೋಕ್ ಕಾಮತ್, ಪ್ರಶಾಂತ್ ಕಾಮತ್, ಸಿದ್ಧಬಸಯ್ಯ ಸ್ವಾಮಿ ಚಿಕ್ಕಮಠ, ಕೃಷ್ಣ ಶೆಟ್ಟಿ, ನರಸಿಂಹ ಮೂರ್ತಿ ಮೊದಲಾದವರು ಉಪಸ್ಥಿತರಿದ್ದರು.
ಗಿರಿಜಾ ಶಂಕರನಾರಾಯಣ ಮಧ್ಯಸ್ಥ ಚಾರಿಟೇಬಲ್ ಟ್ರಸ್ಟ್‌ನಿಂದ ಬ್ರಾಹ್ಮಣ ಮಹಾಸಭಾ ಸಾಲಿಗ್ರಾಮ ವಲಯದ ಮೂಲಕ ಐರೋಡಿ ಗ್ರಾಮದ ನರಸಿಂಹ ಹೇರ್ಳೆ ಅವರಿಗೆ ವೈದ್ಯಕೀಯ ನೆರವನ್ನು ಟ್ರಸ್ಟಿ ಪಾರಂಪಳ್ಳಿ ಸದಾಶಿವ ಮಧ್ಯಸ್ಥ ವಿತರಿಸಿದರು. ದೇವಳದ ಆಡಳಿತ ಮಂಡಳಿಯ ಅಧ್ಯಕ್ಷ ಡಾ. ಕೆ.ಎಸ್ ಕಾರಂತ, ಕಾರ್ಯದರ್ಶಿ ಲಕ್ಷ್ಮೀನಾರಾಯಣ ತುಂಗ, ಮೊದಲಾದವರು ಇದ್ದರು.
ಶ್ರೀ ಕ್ಷೇತ್ರ ಧರ್ಮಸ್ಥಳ ಗ್ರಾ.ಯೋಜನೆ ವತಿಯಿಂದ ನವೀಕೃತ ಬೆಳ್ಳೆ ಕುರುಡ್ಯಾ ಕೆರೆ ಲೋಕಾರ್ಪಣೆ | ಬಾಗಿನ ಸಮರ್ಪಣೆ
ಹಳ್ಳಿಗಳ ಅಭಿವೃದ್ಧಿಗೆ ಸಂಘಟನೆ, ಗ್ರಾಮಸ್ಥರ ಸಹಕಾರ ಅಗತ್ಯ: ಆನಂದ ಸುವರ್ಣ
ಶಿರ್ವ: ಊರಿನ ಗ್ರಾಮೀಣ ಅಭಿವೃದ್ಧಿಗೆ ಸಂಘಟನೆ ಅಗತ್ಯ. ಸಂಘಟನೆಯಿಂದ ಸಮಾಜದಲ್ಲಿ ಬದಲಾವಣೆ ತರಲು ಸಾಧ್ಯ. ಹಳ್ಳಿಗಳ ಅಭಿವೃದ್ಧಿಯಲ್ಲಿ ಗ್ರಾಮಸ್ಥರ ಸಹಕಾರ ಅಗತ್ಯವಾಗಿದೆ ಎಂದು ಶ್ರೀ ಕ್ಷೇತ್ರ ಧರ್ಮಸ್ಥಳ ಗ್ರಾಮಾಭಿವೃದ್ಧಿ ಯೋಜನೆಯ ಉಡುಪಿ ಜಿಲ್ಲಾ ನಿರ್ದೇಶಕ ಆನಂದ ಸುವರ್ಣ ಹೇಳಿದರು. ಬೆಳ್ಳೆ ಗ್ರಾಮದ ಕುರುಡ್ಯಾ ಕೆರೆ ನವೀಕರಣಗೊಂಡು ಲೋಕಾರ್ಪಣೆ ಕಾರ್ಯಕ್ರಮದಲ್ಲಿ ಅವರು ಮಾತನಾಡಿದರು.
ಬಳಕ ಪಾಲ್ಗೊಂಡು ಸಮುದಾಯ ಭವನದಲ್ಲಿ ನಡೆದ ಸಭಾ ಕಾರ್ಯಕ್ರಮದಲ್ಲಿ ಅಧ್ಯಕ್ಷತೆಯನ್ನು ಬೆಳ್ಳೆ ಗ್ರಾ.ಪಂ. ಅಧ್ಯಕ್ಷರು ವಹಿಸಿದ್ದರು. ಕೆರೆ ಸಮಿತಿ ಸದಸ್ಯರು ಹಾಗೂ ಊರಿನ ಗಣ್ಯರು ಉಪಸ್ಥಿತರಿದ್ದರು.
ಸಂಘಟಿತರಾಗಿ ಕೆರೆಯ ಜೀರ್ಣೋದ್ಧಾರ ಕಾರ್ಯ ನಡೆಸಲಾಗಿದ್ದು, ಗ್ರಾಮಸ್ಥರ ಶ್ರಮದಾನ ಹಾಗೂ ಸಹಕಾರದಿಂದ ಕೆರೆ ನವೀಕರಣಗೊಂಡಿದೆ. ಯೋಜನೆಯ ಮೇಲ್ವಿಚಾರಕರು ಕಾರ್ಯಕ್ರಮ ನಿರೂಪಿಸಿದರು.
847 ಕರೆಗಳ ಅಭಿವೃದ್ಧಿ
ಬೆಳ್ಳೆ ಗ್ರಾಮ ಪಂಚಾಯತ್ ಇವರ ಸಹಯೋಗದೊಂದಿಗೆ ಕೆರೆ ಅಭಿವೃದ್ಧಿ ಸಮಿತಿ ನೇತೃತ್ವದಲ್ಲಿ ಶ್ರೀ ಕ್ಷೇತ್ರ ಧ.ಗ್ರಾ. ಯೋಜನೆಯ ‘ನಮ್ಮೂರು ನಮ್ಮ ಕೆರೆ’ ಯೋಜನೆಯಡಿ ಅಭಿವೃದ್ಧಿಗೊಂಡ 847ನೇ ಕೆರೆ ಇದಾಗಿದೆ.
ಲಕ್ಷಕ್ಕೂ ಅಧಿಕ ಹಣವನ್ನು ವಿನಿಯೋಗಿಸಿ ಕೆರೆ ಅಭಿವೃದ್ಧಿ ಮಾಡಲಾಗಿದೆ. ಬೆಳ್ಳೆ ಗ್ರಾ.ಪಂ.ಅಧ್ಯಕ್ಷೆ ಹಾಗೂ ಸದಸ್ಯರು, ಒಕ್ಕೂಟದ ಪದಾಧಿಕಾರಿಗಳು ಉಪಸ್ಥಿತರಿದ್ದರು.
ಉಪಾಧ್ಯಕ್ಷ ಹಾಗೂ ಸದಸ್ಯರು, ಜಿಲ್ಲಾ ಜನಜಾಗೃತಿ ವೇದಿಕೆಯ ನಿಕಟಪೂರ್ವ ಅಧ್ಯಕ್ಷ, ಕೆರೆ ಸಮಿತಿ ಅಧ್ಯಕ್ಷ, ವಲಯ ಮೇಲ್ವಿಚಾರಕರು, ಸೇವಾ ಪ್ರತಿನಿಧಿಗಳು ಹಾಗೂ ಗ್ರಾಮಸ್ಥರು ಉಪಸ್ಥಿತರಿದ್ದರು.
